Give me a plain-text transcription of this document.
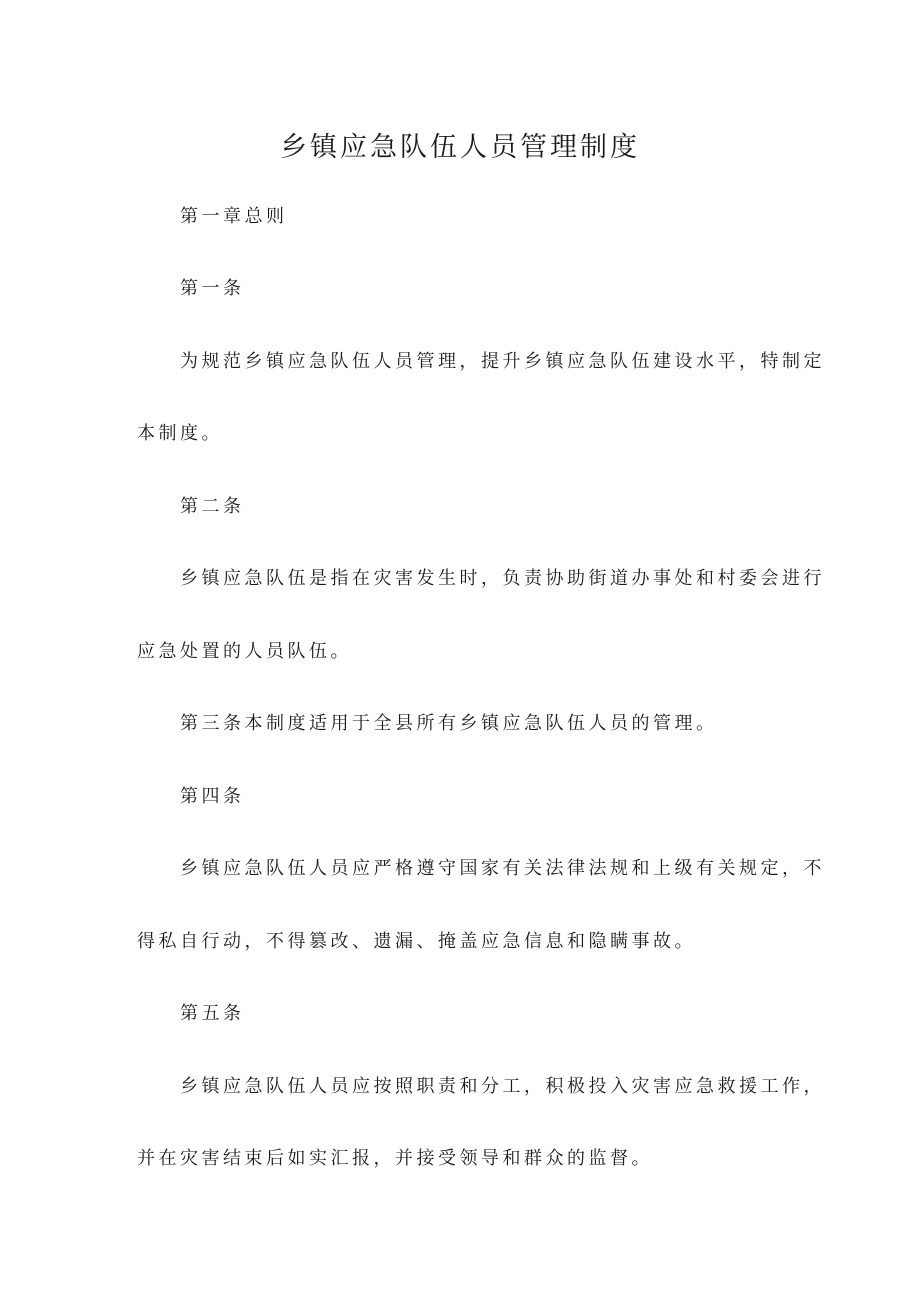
乡镇应急队伍人员管理制度
第一章总则
第一条
为规范乡镇应急队伍人员管理，提升乡镇应急队伍建设水平，特制定
本制度。
第二条
乡镇应急队伍是指在灾害发生时，负责协助街道办事处和村委会进行
应急处置的人员队伍。
第三条本制度适用于全县所有乡镇应急队伍人员的管理。
第四条
乡镇应急队伍人员应严格遵守国家有关法律法规和上级有关规定，不
得私自行动，不得篡改、遗漏、掩盖应急信息和隐瞒事故。
第五条
乡镇应急队伍人员应按照职责和分工，积极投入灾害应急救援工作，
并在灾害结束后如实汇报，并接受领导和群众的监督。
